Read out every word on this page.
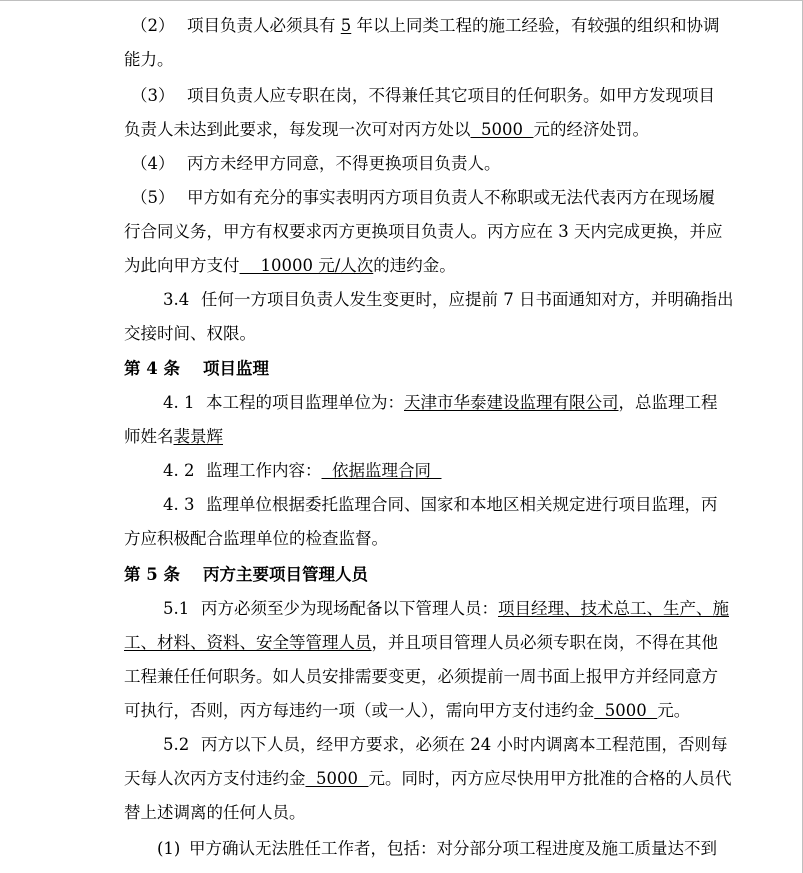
（2） 项目负责人必须具有 5 年以上同类工程的施工经验，有较强的组织和协调
能力。
（3） 项目负责人应专职在岗，不得兼任其它项目的任何职务。如甲方发现项目
负责人未达到此要求，每发现一次可对丙方处以  5000  元的经济处罚。
（4） 丙方未经甲方同意，不得更换项目负责人。
（5） 甲方如有充分的事实表明丙方项目负责人不称职或无法代表丙方在现场履
行合同义务，甲方有权要求丙方更换项目负责人。丙方应在 3 天内完成更换，并应
为此向甲方支付    10000 元/人次的违约金。
3.4 任何一方项目负责人发生变更时，应提前 7 日书面通知对方，并明确指出
交接时间、权限。
第 4 条    项目监理
4. 1 本工程的项目监理单位为：天津市华泰建设监理有限公司，总监理工程
师姓名裴景辉
4. 2 监理工作内容：  依据监理合同
4. 3 监理单位根据委托监理合同、国家和本地区相关规定进行项目监理，丙
方应积极配合监理单位的检查监督。
第 5 条    丙方主要项目管理人员
5.1 丙方必须至少为现场配备以下管理人员：项目经理、技术总工、生产、施
工、材料、资料、安全等管理人员，并且项目管理人员必须专职在岗，不得在其他
工程兼任任何职务。如人员安排需要变更，必须提前一周书面上报甲方并经同意方
可执行，否则，丙方每违约一项（或一人），需向甲方支付违约金  5000  元。
5.2 丙方以下人员，经甲方要求，必须在 24 小时内调离本工程范围，否则每
天每人次丙方支付违约金  5000  元。同时，丙方应尽快用甲方批准的合格的人员代
替上述调离的任何人员。
(1) 甲方确认无法胜任工作者，包括：对分部分项工程进度及施工质量达不到
